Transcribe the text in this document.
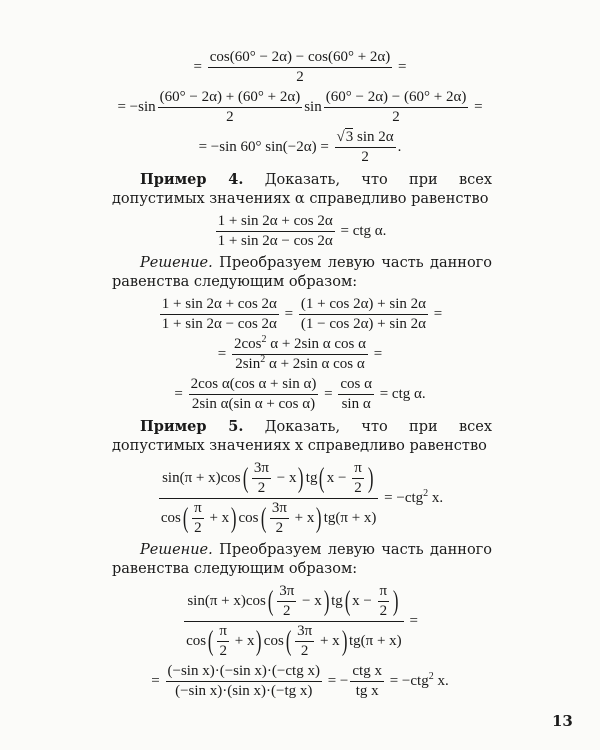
= $\frac{\cos(60^\circ - 2\alpha) - \cos(60^\circ + 2\alpha)}{2}$ =
= $-\sin \frac{(60^\circ - 2\alpha) + (60^\circ + 2\alpha)}{2}$ $\sin \frac{(60^\circ - 2\alpha) - (60^\circ + 2\alpha)}{2}$ =
= −sin 60° $\sin(-2\alpha) = \frac{√3 \sin 2\alpha}{2}$ .
Пример 4. Доказать, что при всех допустимых значениях α справедливо равенство
$\frac{1 + \sin 2\alpha + \cos 2\alpha}{1 + \sin 2\alpha - \cos 2\alpha}$ = ctg α.
Решение. Преобразуем левую часть данного равенства следующим образом:
$\frac{1 + \sin 2\alpha + \cos 2\alpha}{1 + \sin 2\alpha - \cos 2\alpha} = \frac{(1 + \cos 2\alpha) + \sin 2\alpha}{(1 - \cos 2\alpha) + \sin 2\alpha}$ =
= $\frac{2\cos^2 \alpha + 2\sin \alpha \cos \alpha}{2\sin^2 \alpha + 2\sin \alpha \cos \alpha}$ =
= $\frac{\text{2cos α(cos α + sin α)}}{\text{2sin α(sin α + cos α)}} = \frac{\text{cos α}}{\text{sin α}}$ = ctg α.
Пример 5. Доказать, что при всех допустимых значениях x справедливо равенство
$\frac{\sin(\pi + x)\cos( \frac{3\pi}{2} - x) tg( x - \frac{\pi}{2} )}{\cos( \frac{\pi}{2} + x) \cos( \frac{3\pi}{2} + x) tg(\pi + x)} = -ctg^2$ x.
Решение. Преобразуем левую часть данного равенства следующим образом:
$\frac{\sin(\pi + x)\cos( \frac{3\pi}{2} - x) tg( x - \frac{\pi}{2} )}{\cos( \frac{\pi}{2} + x) \cos( \frac{3\pi}{2} + x) tg(\pi + x)}$ =
=
(−sin x)·(−sin x)·(−ctg x)
(−sin x)·(sin x)·(−tg x)
= −
ctg x
tg x
= −ctg$^2$ x.
13
